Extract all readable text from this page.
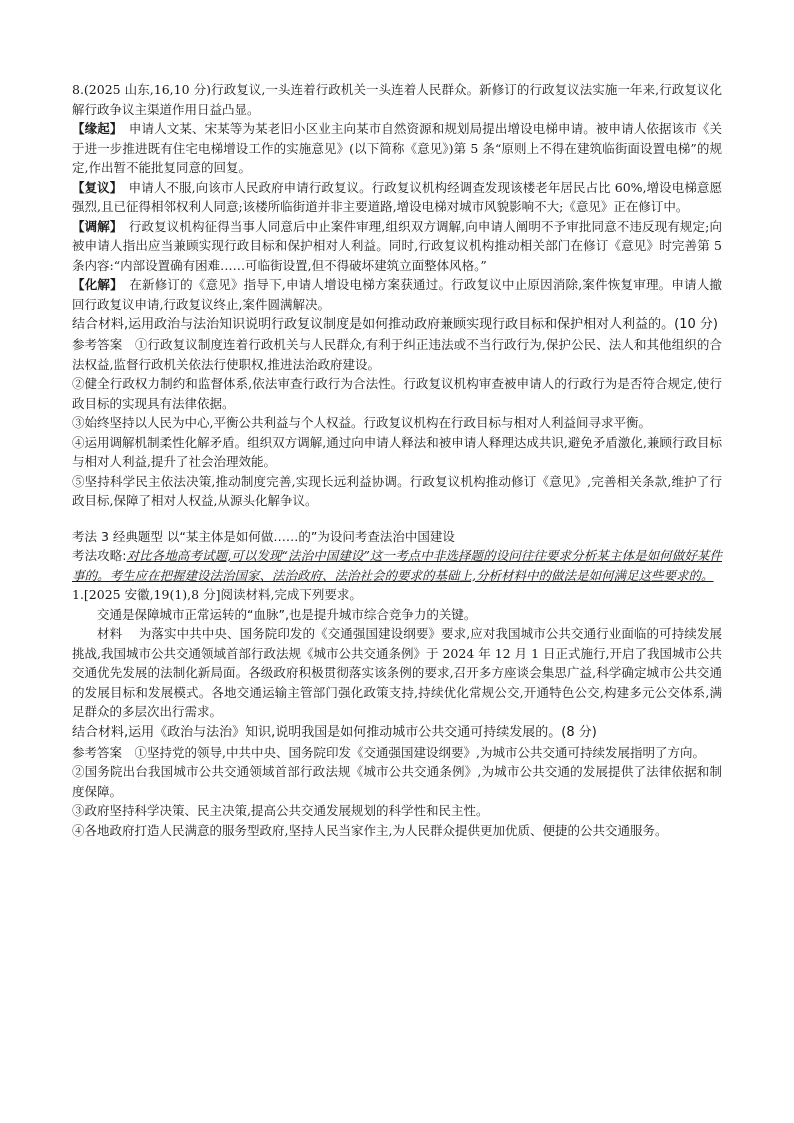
8.(2025 山东,16,10 分)行政复议,一头连着行政机关一头连着人民群众。新修订的行政复议法实施一年来,行政复议化解行政争议主渠道作用日益凸显。

【缘起】　 申请人文某、宋某等为某老旧小区业主向某市自然资源和规划局提出增设电梯申请。被申请人依据该市《关于进一步推进既有住宅电梯增设工作的实施意见》(以下简称《意见》)第 5 条“原则上不得在建筑临街面设置电梯”的规定,作出暂不能批复同意的回复。

【复议】　 申请人不服,向该市人民政府申请行政复议。行政复议机构经调查发现该楼老年居民占比 60%,增设电梯意愿强烈,且已征得相邻权利人同意;该楼所临街道并非主要道路,增设电梯对城市风貌影响不大;《意见》正在修订中。

【调解】　 行政复议机构征得当事人同意后中止案件审理,组织双方调解,向申请人阐明不予审批同意不违反现有规定;向被申请人指出应当兼顾实现行政目标和保护相对人利益。同时,行政复议机构推动相关部门在修订《意见》时完善第 5 条内容:“内部设置确有困难……可临街设置,但不得破坏建筑立面整体风格。”

【化解】　 在新修订的《意见》指导下,申请人增设电梯方案获通过。行政复议中止原因消除,案件恢复审理。申请人撤回行政复议申请,行政复议终止,案件圆满解决。

结合材料,运用政治与法治知识说明行政复议制度是如何推动政府兼顾实现行政目标和保护相对人利益的。(10 分)

参考答案　 ①行政复议制度连着行政机关与人民群众,有利于纠正违法或不当行政行为,保护公民、法人和其他组织的合法权益,监督行政机关依法行使职权,推进法治政府建设。

②健全行政权力制约和监督体系,依法审查行政行为合法性。行政复议机构审查被申请人的行政行为是否符合规定,使行政目标的实现具有法律依据。

③始终坚持以人民为中心,平衡公共利益与个人权益。行政复议机构在行政目标与相对人利益间寻求平衡。

④运用调解机制柔性化解矛盾。组织双方调解,通过向申请人释法和被申请人释理达成共识,避免矛盾激化,兼顾行政目标与相对人利益,提升了社会治理效能。

⑤坚持科学民主依法决策,推动制度完善,实现长远利益协调。行政复议机构推动修订《意见》,完善相关条款,维护了行政目标,保障了相对人权益,从源头化解争议。

考法 3 经典题型 以“某主体是如何做……的”为设问考查法治中国建设

考法攻略:对比各地高考试题,可以发现“法治中国建设”这一考点中非选择题的设问往往要求分析某主体是如何做好某件事的。考生应在把握建设法治国家、法治政府、法治社会的要求的基础上,分析材料中的做法是如何满足这些要求的。

1.[2025 安徽,19(1),8 分]阅读材料,完成下列要求。

交通是保障城市正常运转的“血脉”,也是提升城市综合竞争力的关键。

材料　 为落实中共中央、国务院印发的《交通强国建设纲要》要求,应对我国城市公共交通行业面临的可持续发展挑战,我国城市公共交通领域首部行政法规《城市公共交通条例》于 2024 年 12 月 1 日正式施行,开启了我国城市公共交通优先发展的法制化新局面。各级政府积极贯彻落实该条例的要求,召开多方座谈会集思广益,科学确定城市公共交通的发展目标和发展模式。各地交通运输主管部门强化政策支持,持续优化常规公交,开通特色公交,构建多元公交体系,满足群众的多层次出行需求。

结合材料,运用《政治与法治》知识,说明我国是如何推动城市公共交通可持续发展的。(8 分)

参考答案　 ①坚持党的领导,中共中央、国务院印发《交通强国建设纲要》,为城市公共交通可持续发展指明了方向。

②国务院出台我国城市公共交通领域首部行政法规《城市公共交通条例》,为城市公共交通的发展提供了法律依据和制度保障。

③政府坚持科学决策、民主决策,提高公共交通发展规划的科学性和民主性。

④各地政府打造人民满意的服务型政府,坚持人民当家作主,为人民群众提供更加优质、便捷的公共交通服务。
